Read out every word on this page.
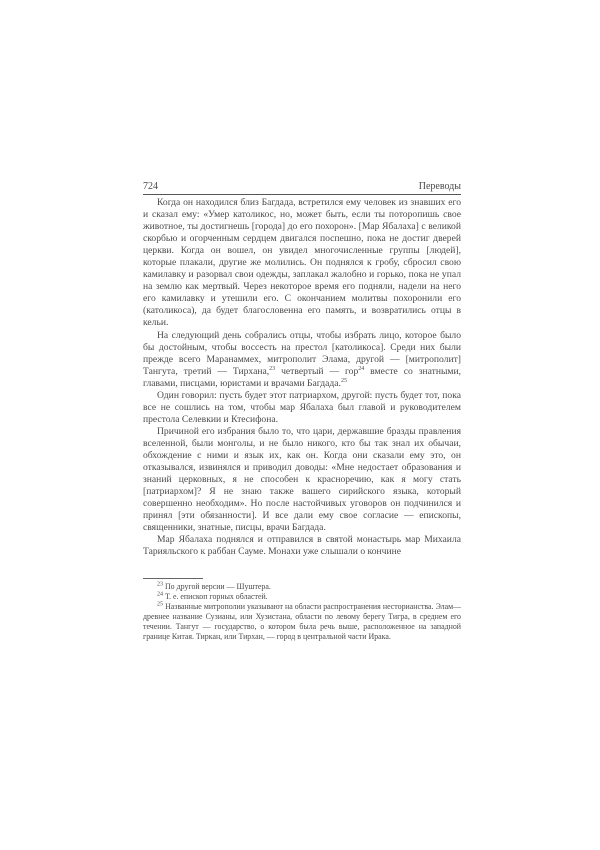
724	Переводы

Когда он находился близ Багдада, встретился ему человек из знавших его и сказал ему: «Умер католикос, но, может быть, если ты поторопишь свое животное, ты достигнешь [города] до его похорон». [Мар Ябалаха] с великой скорбью и огорченным сердцем двигался поспешно, пока не достиг дверей церкви. Когда он вошел, он увидел многочисленные группы [людей], которые плакали, другие же молились. Он поднялся к гробу, сбросил свою камилавку и разорвал свои одежды, заплакал жалобно и горько, пока не упал на землю как мертвый. Через некоторое время его подняли, надели на него его камилавку и утешили его. С окончанием молитвы похоронили его (католикоса), да будет благословенна его память, и возвратились отцы в кельи.

На следующий день собрались отцы, чтобы избрать лицо, которое было бы достойным, чтобы воссесть на престол [католикоса]. Среди них были прежде всего Маранаммех, митрополит Элама, другой — [митрополит] Тангута, третий — Тирхана,$^{23}$ четвертый — гор$^{24}$ вместе со знатными, главами, писцами, юристами и врачами Багдада.$^{25}$

Один говорил: пусть будет этот патриархом, другой: пусть будет тот, пока все не сошлись на том, чтобы мар Ябалаха был главой и руководителем престола Селевкии и Ктесифона.

Причиной его избрания было то, что цари, державшие бразды правления вселенной, были монголы, и не было никого, кто бы так знал их обычаи, обхождение с ними и язык их, как он. Когда они сказали ему это, он отказывался, извинялся и приводил доводы: «Мне недостает образования и знаний церковных, я не способен к красноречию, как я могу стать [патриархом]? Я не знаю также вашего сирийского языка, который совершенно необходим». Но после настойчивых уговоров он подчинился и принял [эти обязанности]. И все дали ему свое согласие — епископы, священники, знатные, писцы, врачи Багдада.

Мар Ябалаха поднялся и отправился в святой монастырь мар Михаила Тарияльского к раббан Сауме. Монахи уже слышали о кончине

$^{23}$ По другой версии — Шуштера.

$^{24}$ Т. е. епископ горных областей.

$^{25}$ Названные митрополии указывают на области распространения несторианства. Элам—древнее название Сузианы, или Хузистана, области по левому берегу Тигра, в среднем его течении. Тангут — государство, о котором была речь выше, расположенное на западной границе Китая. Тиркан, или Тирхан, — город в центральной части Ирака.
